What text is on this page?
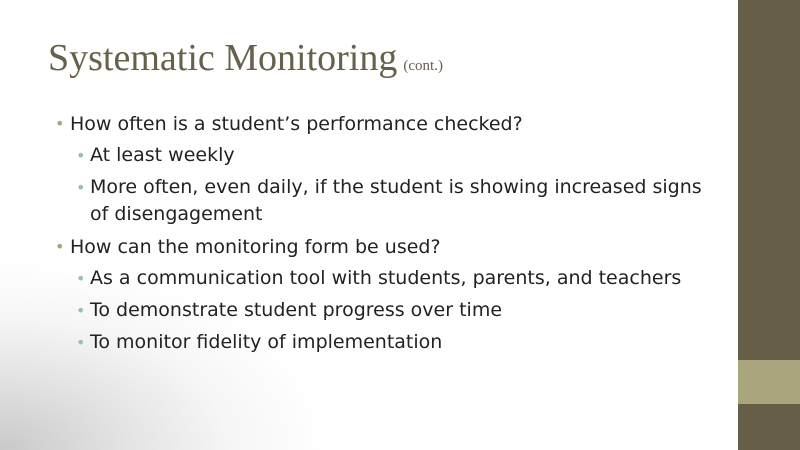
Systematic Monitoring (cont.)
• How often is a student’s performance checked?
• At least weekly
• More often, even daily, if the student is showing increased signs of disengagement
• How can the monitoring form be used?
• As a communication tool with students, parents, and teachers
• To demonstrate student progress over time
• To monitor fidelity of implementation
